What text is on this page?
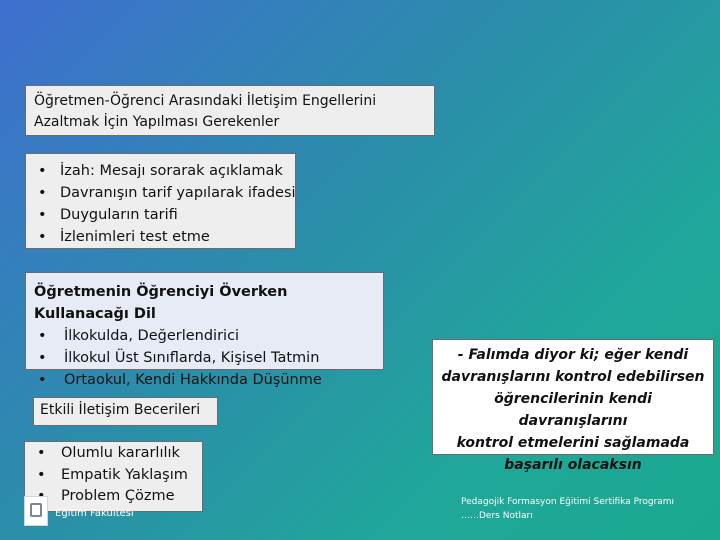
Öğretmen-Öğrenci Arasındaki İletişim Engellerini
Azaltmak İçin Yapılması Gerekenler
• İzah: Mesajı sorarak açıklamak
• Davranışın tarif yapılarak ifadesi
• Duyguların tarifi
• İzlenimleri test etme
Öğretmenin Öğrenciyi Överken Kullanacağı Dil
• İlkokulda, Değerlendirici
• İlkokul Üst Sınıflarda, Kişisel Tatmin
• Ortaokul, Kendi Hakkında Düşünme
Etkili İletişim Becerileri
• Olumlu kararlılık
• Empatik Yaklaşım
• Problem Çözme
- Falımda diyor ki; eğer kendi
davranışlarını kontrol edebilirsen
öğrencilerinin kendi davranışlarını
kontrol etmelerini sağlamada
başarılı olacaksın
Eğitim Fakültesi
Pedagojik Formasyon Eğitimi Sertifika Programı
……Ders Notları
